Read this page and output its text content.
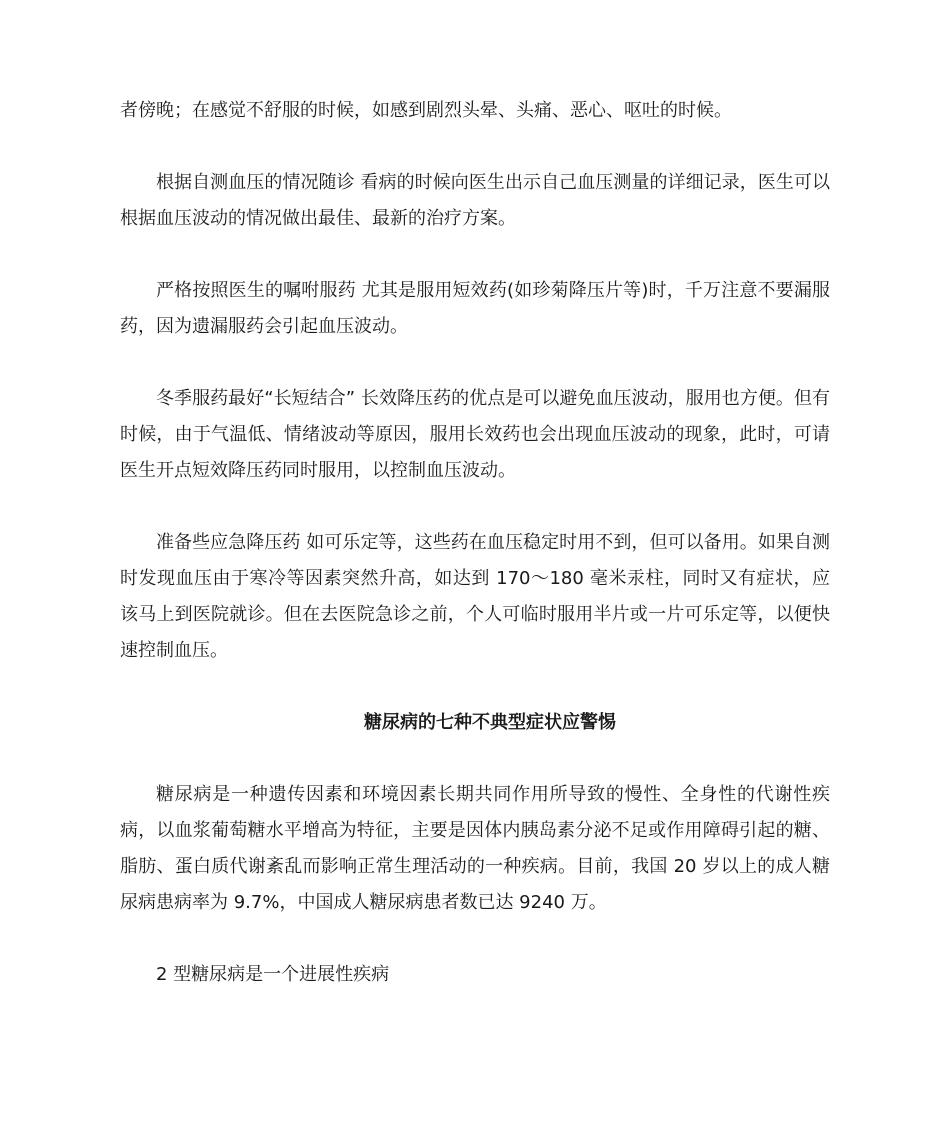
者傍晚；在感觉不舒服的时候，如感到剧烈头晕、头痛、恶心、呕吐的时候。

根据自测血压的情况随诊 看病的时候向医生出示自己血压测量的详细记录，医生可以根据血压波动的情况做出最佳、最新的治疗方案。

严格按照医生的嘱咐服药 尤其是服用短效药(如珍菊降压片等)时，千万注意不要漏服药，因为遗漏服药会引起血压波动。

冬季服药最好“长短结合” 长效降压药的优点是可以避免血压波动，服用也方便。但有时候，由于气温低、情绪波动等原因，服用长效药也会出现血压波动的现象，此时，可请医生开点短效降压药同时服用，以控制血压波动。

准备些应急降压药 如可乐定等，这些药在血压稳定时用不到，但可以备用。如果自测时发现血压由于寒冷等因素突然升高，如达到 170～180 毫米汞柱，同时又有症状，应该马上到医院就诊。但在去医院急诊之前，个人可临时服用半片或一片可乐定等，以便快速控制血压。

糖尿病的七种不典型症状应警惕

糖尿病是一种遗传因素和环境因素长期共同作用所导致的慢性、全身性的代谢性疾病，以血浆葡萄糖水平增高为特征，主要是因体内胰岛素分泌不足或作用障碍引起的糖、脂肪、蛋白质代谢紊乱而影响正常生理活动的一种疾病。目前，我国 20 岁以上的成人糖尿病患病率为 9.7%，中国成人糖尿病患者数已达 9240 万。

2 型糖尿病是一个进展性疾病
